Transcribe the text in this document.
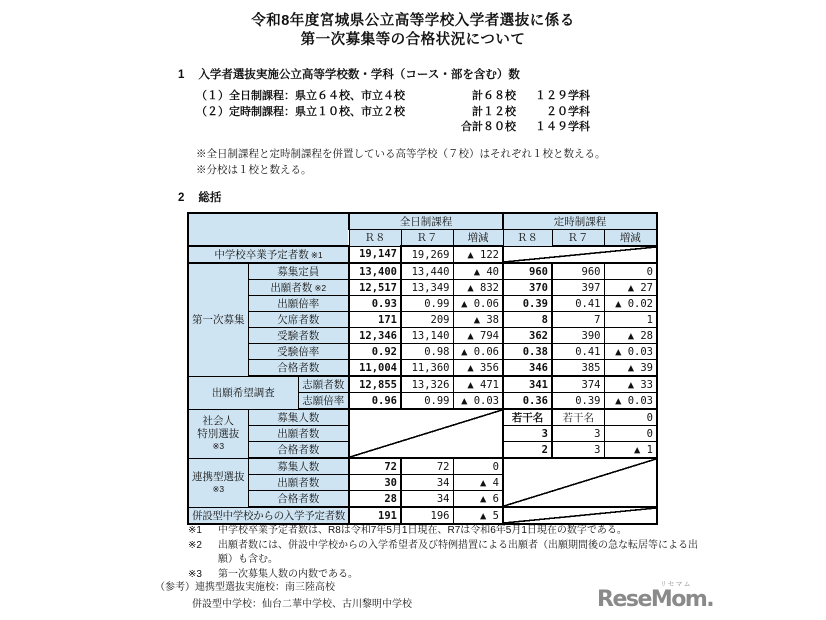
令和8年度宮城県公立高等学校入学者選抜に係る
第一次募集等の合格状況について
1 入学者選抜実施公立高等学校数・学科（コース・部を含む）数
（１）全日制課程：県立６４校、市立４校	計６８校	１２９学科
（２）定時制課程：県立１０校、市立２校	計１２校	２０学科
合計８０校	１４９学科
※全日制課程と定時制課程を併置している高等学校（７校）はそれぞれ１校と数える。
※分校は１校と数える。
2 総括
			全日制課程			定時制課程		
			Ｒ８	Ｒ７	増減	Ｒ８	Ｒ７	増減
中学校卒業予定者数 ※1			19,147	19,269	▲ 122			
第一次募集	募集定員		13,400	13,440	▲ 40	960	960	0
	出願者数 ※2		12,517	13,349	▲ 832	370	397	▲ 27
	出願倍率		0.93	0.99	▲ 0.06	0.39	0.41	▲ 0.02
	欠席者数		171	209	▲ 38	8	7	1
	受験者数		12,346	13,140	▲ 794	362	390	▲ 28
	受験倍率		0.92	0.98	▲ 0.06	0.38	0.41	▲ 0.03
	合格者数		11,004	11,360	▲ 356	346	385	▲ 39
出願希望調査		志願者数	12,855	13,326	▲ 471	341	374	▲ 33
		志願倍率	0.96	0.99	▲ 0.03	0.36	0.39	▲ 0.03

社会人
特別選抜
※3	募集人数					若干名	若干名	0
	出願者数					3	3	0
	合格者数					2	3	▲ 1

連携型選抜
※3	募集人数		72	72	0			
	出願者数		30	34	▲ 4			
	合格者数		28	34	▲ 6			
併設型中学校からの入学予定者数			191	196	▲ 5			
※1	中学校卒業予定者数は、R8は令和7年5月1日現在、R7は令和6年5月1日現在の数字である。
※2	出願者数には、併設中学校からの入学希望者及び特例措置による出願者（出願期間後の急な転居等による出願）も含む。
※3	第一次募集人数の内数である。
（参考）連携型選抜実施校：南三陸高校
併設型中学校：仙台二華中学校、古川黎明中学校
リセマム
ReseMom.
